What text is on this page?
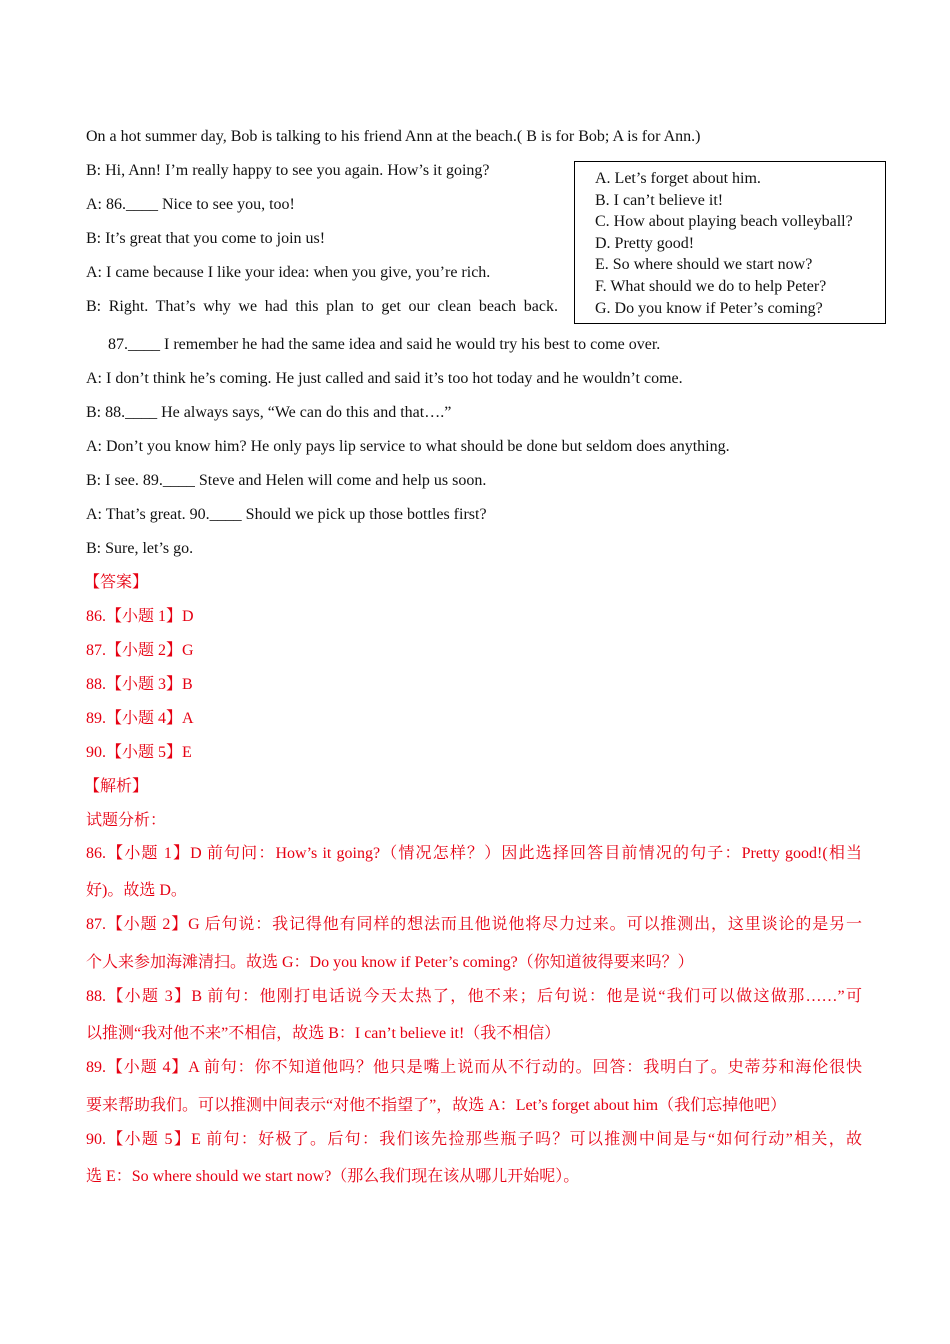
On a hot summer day, Bob is talking to his friend Ann at the beach.( B is for Bob; A is for Ann.)
B: Hi, Ann! I’m really happy to see you again. How’s it going?
A: 86.____ Nice to see you, too!
B: It’s great that you come to join us!
A: I came because I like your idea: when you give, you’re rich.
B: Right. That’s why we had this plan to get our clean beach back.
87.____ I remember he had the same idea and said he would try his best to come over.
A: I don’t think he’s coming. He just called and said it’s too hot today and he wouldn’t come.
B: 88.____ He always says, “We can do this and that….”
A: Don’t you know him? He only pays lip service to what should be done but seldom does anything.
B: I see. 89.____ Steve and Helen will come and help us soon.
A: That’s great. 90.____ Should we pick up those bottles first?
B: Sure, let’s go.
A. Let’s forget about him.
B. I can’t believe it!
C. How about playing beach volleyball?
D. Pretty good!
E. So where should we start now?
F. What should we do to help Peter?
G. Do you know if Peter’s coming?
【答案】
86.【小题 1】D
87.【小题 2】G
88.【小题 3】B
89.【小题 4】A
90.【小题 5】E
【解析】
试题分析：
86.【小题 1】D 前句问：How’s it going?（情况怎样？）因此选择回答目前情况的句子：Pretty good!(相当
好)。故选 D。
87.【小题 2】G 后句说：我记得他有同样的想法而且他说他将尽力过来。可以推测出，这里谈论的是另一
个人来参加海滩清扫。故选 G：Do you know if Peter’s coming?（你知道彼得要来吗？）
88.【小题 3】B 前句：他刚打电话说今天太热了，他不来；后句说：他是说“我们可以做这做那……”可
以推测“我对他不来”不相信，故选 B：I can’t believe it!（我不相信）
89.【小题 4】A 前句：你不知道他吗？他只是嘴上说而从不行动的。回答：我明白了。史蒂芬和海伦很快
要来帮助我们。可以推测中间表示“对他不指望了”，故选 A：Let’s forget about him（我们忘掉他吧）
90.【小题 5】E 前句：好极了。后句：我们该先捡那些瓶子吗？可以推测中间是与“如何行动”相关，故
选 E：So where should we start now?（那么我们现在该从哪儿开始呢）。
